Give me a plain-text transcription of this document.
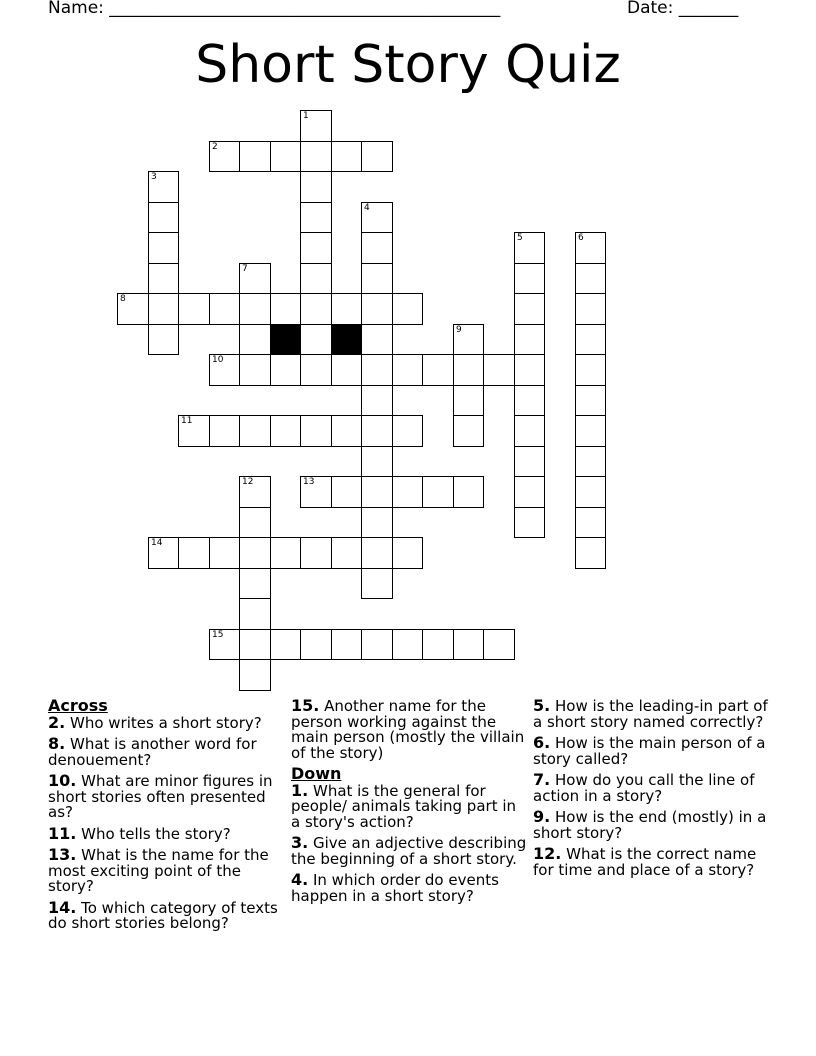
Name: ______________________________________________	Date: _______
Short Story Quiz
1
2
3
4
5	6
7
8
9
10
11
12	13
14
15
Across
2. Who writes a short story?
8. What is another word for denouement?
10. What are minor figures in short stories often presented as?
11. Who tells the story?
13. What is the name for the most exciting point of the story?
14. To which category of texts do short stories belong?
15. Another name for the person working against the main person (mostly the villain of the story)
Down
1. What is the general for people/ animals taking part in a story's action?
3. Give an adjective describing the beginning of a short story.
4. In which order do events happen in a short story?
5. How is the leading-in part of a short story named correctly?
6. How is the main person of a story called?
7. How do you call the line of action in a story?
9. How is the end (mostly) in a short story?
12. What is the correct name for time and place of a story?
